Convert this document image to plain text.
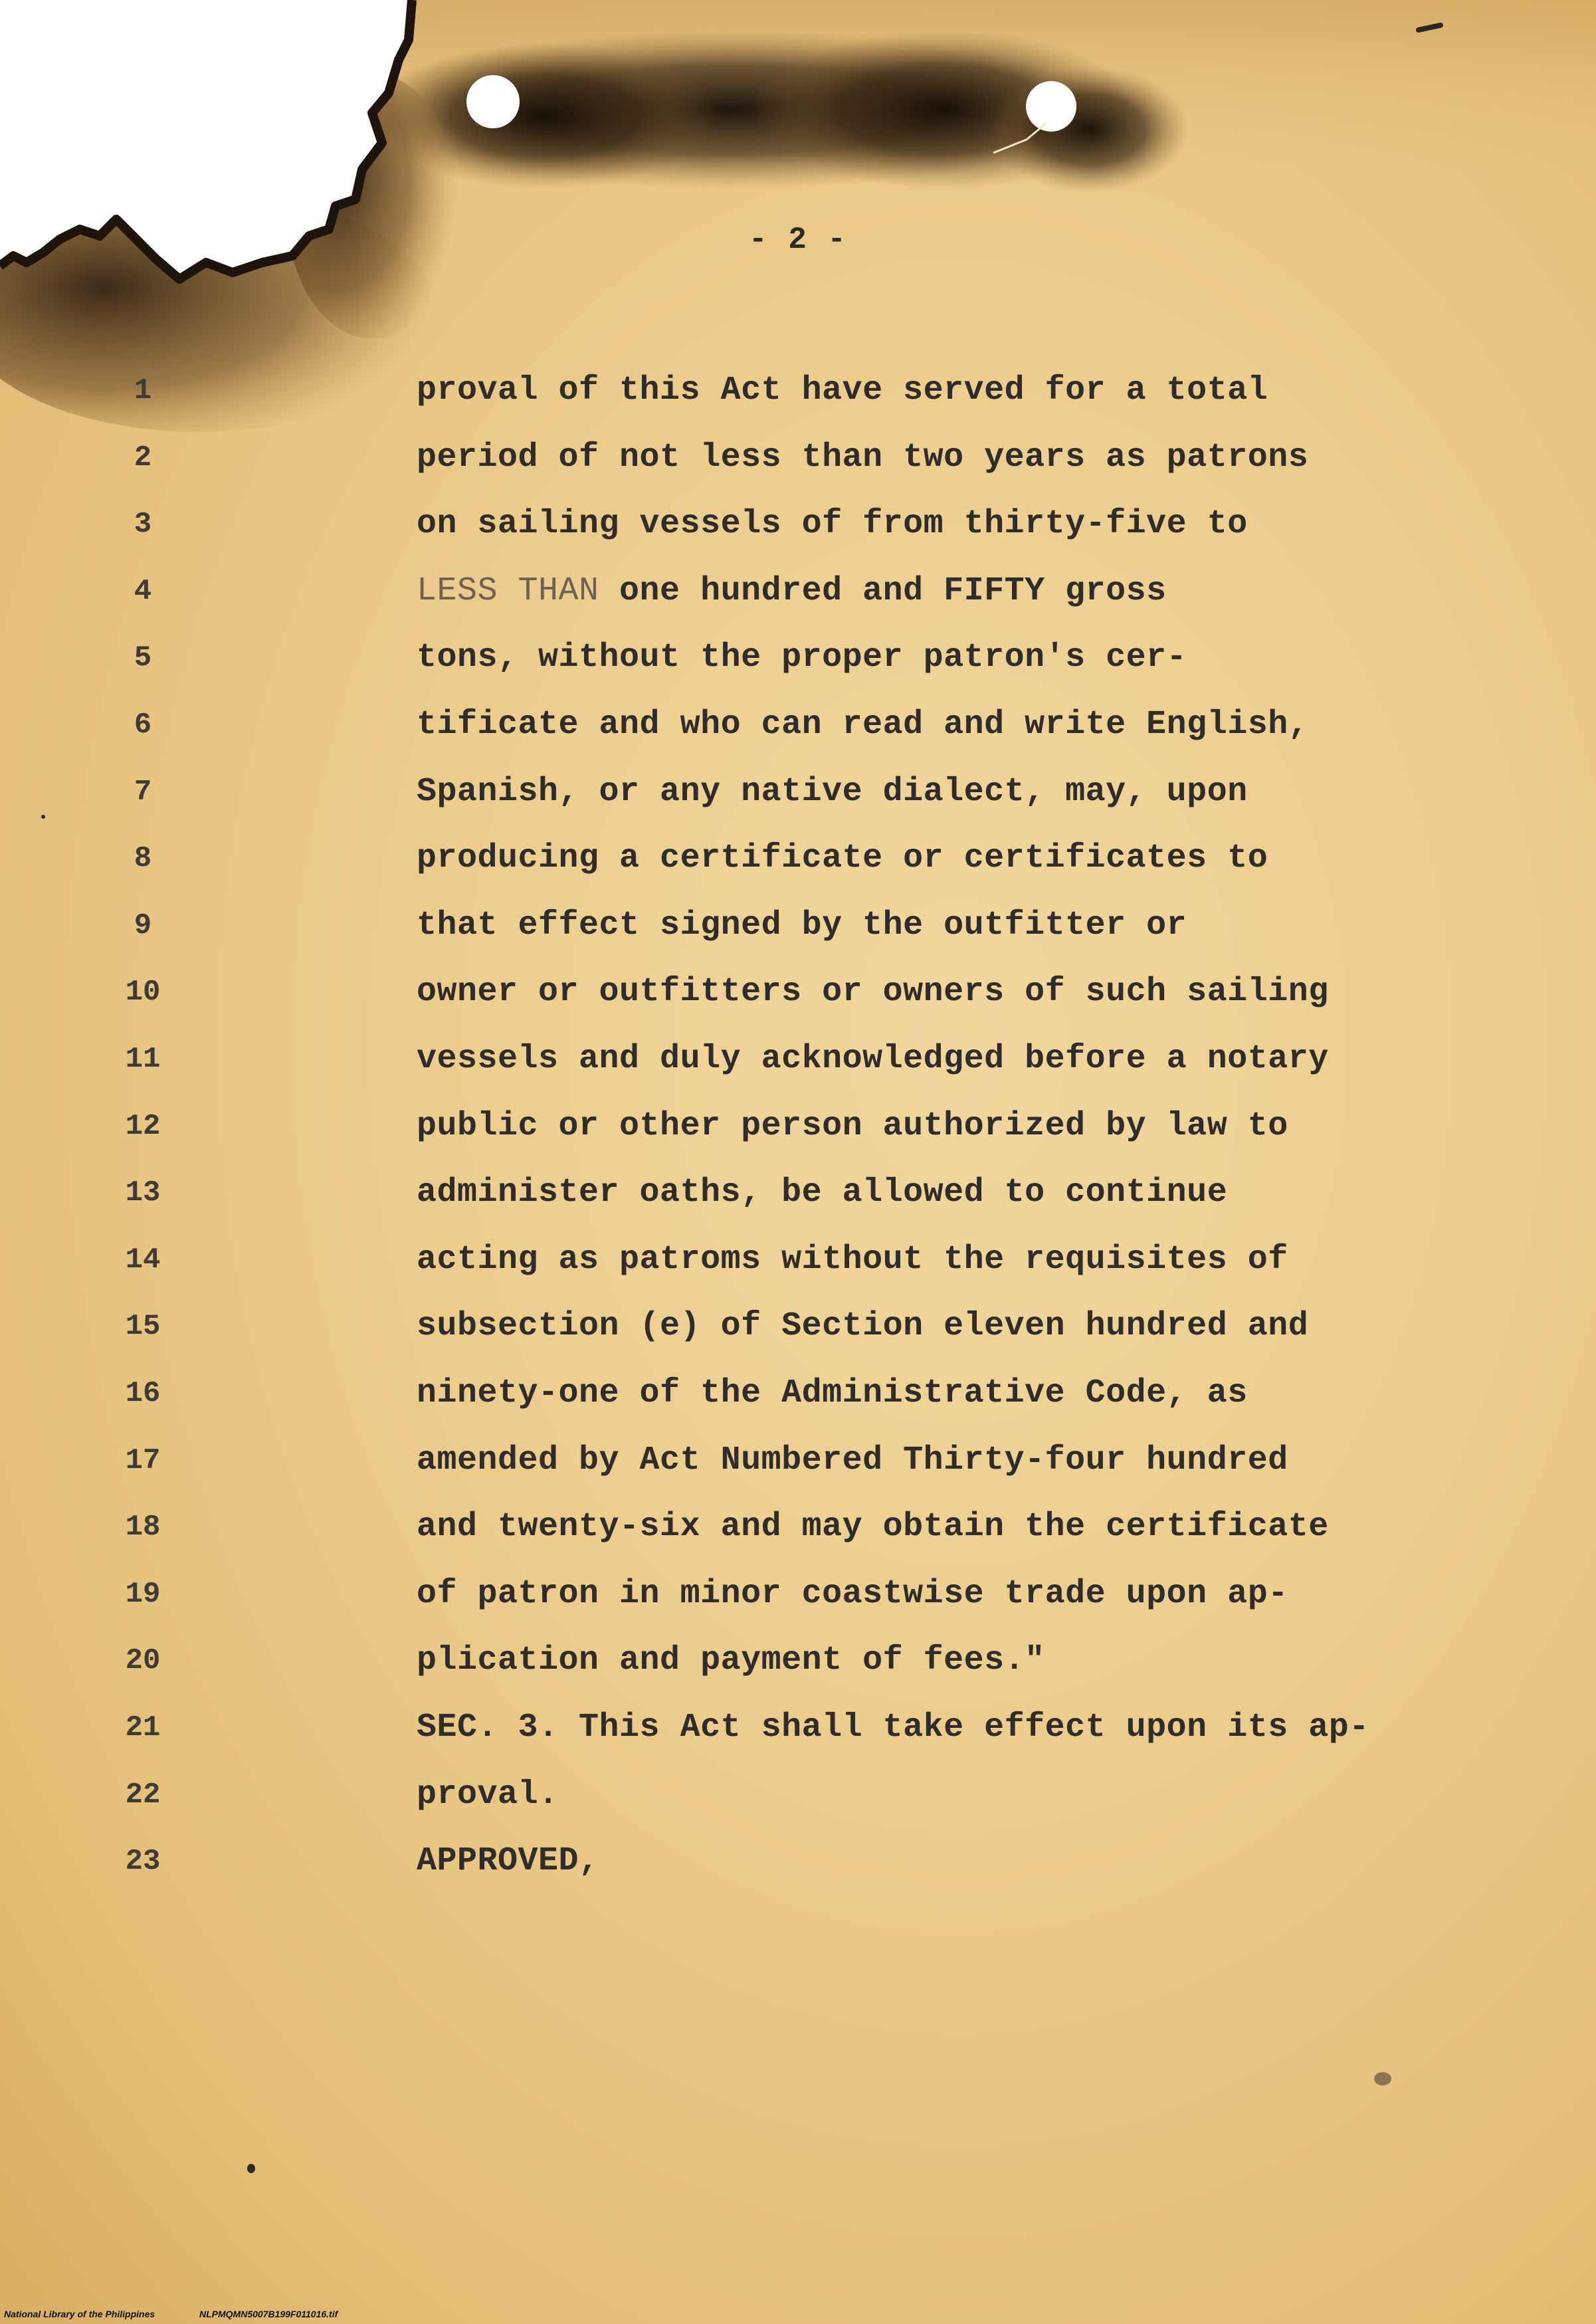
- 2 -
1	proval of this Act have served for a total
2	period of not less than two years as patrons
3	on sailing vessels of from thirty-five to
4	LESS THAN one hundred and FIFTY gross
5	tons, without the proper patron's cer-
6	tificate and who can read and write English,
7	Spanish, or any native dialect, may, upon
8	producing a certificate or certificates to
9	that effect signed by the outfitter or
10	owner or outfitters or owners of such sailing
11	vessels and duly acknowledged before a notary
12	public or other person authorized by law to
13	administer oaths, be allowed to continue
14	acting as patroms without the requisites of
15	subsection (e) of Section eleven hundred and
16	ninety-one of the Administrative Code, as
17	amended by Act Numbered Thirty-four hundred
18	and twenty-six and may obtain the certificate
19	of patron in minor coastwise trade upon ap-
20	plication and payment of fees."
21	SEC. 3. This Act shall take effect upon its ap-
22	proval.
23	APPROVED,
National Library of the Philippines	NLPMQMN5007B199F011016.tif
